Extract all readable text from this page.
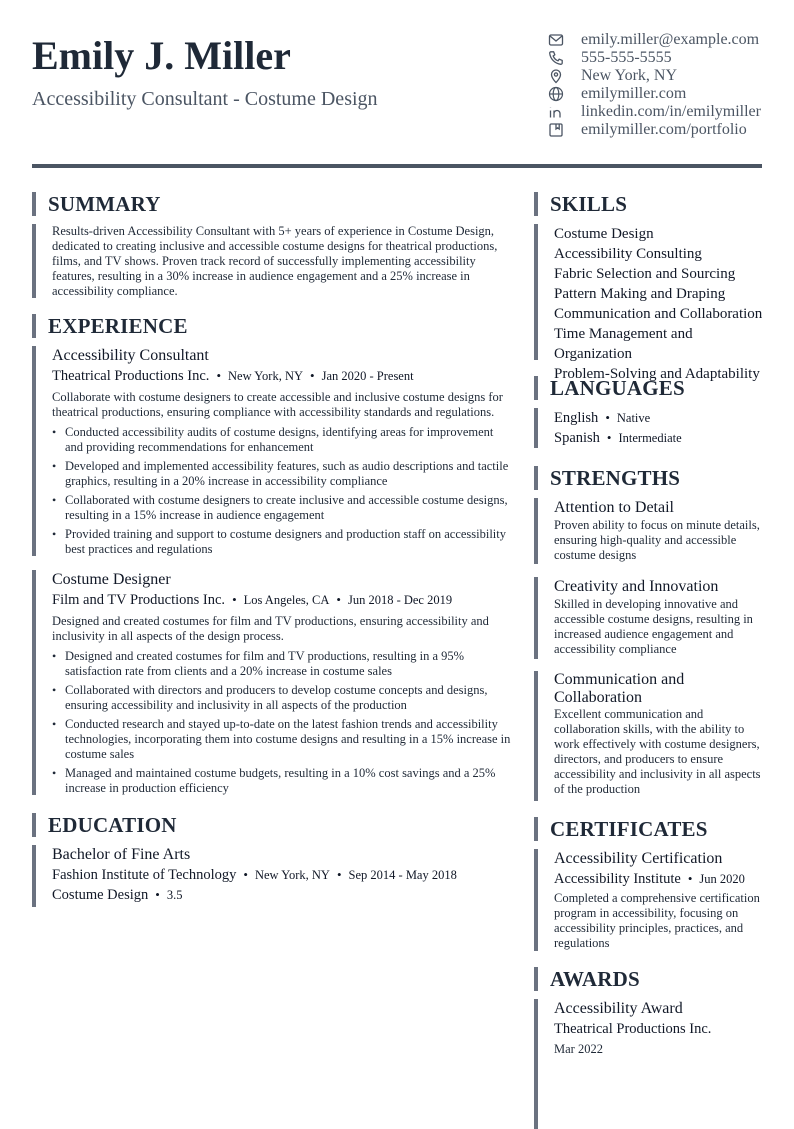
Emily J. Miller
Accessibility Consultant - Costume Design
emily.miller@example.com
555-555-5555
New York, NY
emilymiller.com
linkedin.com/in/emilymiller
emilymiller.com/portfolio
SUMMARY
Results-driven Accessibility Consultant with 5+ years of experience in Costume Design, dedicated to creating inclusive and accessible costume designs for theatrical productions, films, and TV shows. Proven track record of successfully implementing accessibility features, resulting in a 30% increase in audience engagement and a 25% increase in accessibility compliance.
EXPERIENCE
Accessibility Consultant
Theatrical Productions Inc. • New York, NY • Jan 2020 - Present
Collaborate with costume designers to create accessible and inclusive costume designs for theatrical productions, ensuring compliance with accessibility standards and regulations.
• Conducted accessibility audits of costume designs, identifying areas for improvement and providing recommendations for enhancement
• Developed and implemented accessibility features, such as audio descriptions and tactile graphics, resulting in a 20% increase in accessibility compliance
• Collaborated with costume designers to create inclusive and accessible costume designs, resulting in a 15% increase in audience engagement
• Provided training and support to costume designers and production staff on accessibility best practices and regulations
Costume Designer
Film and TV Productions Inc. • Los Angeles, CA • Jun 2018 - Dec 2019
Designed and created costumes for film and TV productions, ensuring accessibility and inclusivity in all aspects of the design process.
• Designed and created costumes for film and TV productions, resulting in a 95% satisfaction rate from clients and a 20% increase in costume sales
• Collaborated with directors and producers to develop costume concepts and designs, ensuring accessibility and inclusivity in all aspects of the production
• Conducted research and stayed up-to-date on the latest fashion trends and accessibility technologies, incorporating them into costume designs and resulting in a 15% increase in costume sales
• Managed and maintained costume budgets, resulting in a 10% cost savings and a 25% increase in production efficiency
EDUCATION
Bachelor of Fine Arts
Fashion Institute of Technology • New York, NY • Sep 2014 - May 2018
Costume Design • 3.5
SKILLS
Costume Design
Accessibility Consulting
Fabric Selection and Sourcing
Pattern Making and Draping
Communication and Collaboration
Time Management and Organization
Problem-Solving and Adaptability
LANGUAGES
English • Native
Spanish • Intermediate
STRENGTHS
Attention to Detail
Proven ability to focus on minute details, ensuring high-quality and accessible costume designs
Creativity and Innovation
Skilled in developing innovative and accessible costume designs, resulting in increased audience engagement and accessibility compliance
Communication and Collaboration
Excellent communication and collaboration skills, with the ability to work effectively with costume designers, directors, and producers to ensure accessibility and inclusivity in all aspects of the production
CERTIFICATES
Accessibility Certification
Accessibility Institute • Jun 2020
Completed a comprehensive certification program in accessibility, focusing on accessibility principles, practices, and regulations
AWARDS
Accessibility Award
Theatrical Productions Inc.
Mar 2022
